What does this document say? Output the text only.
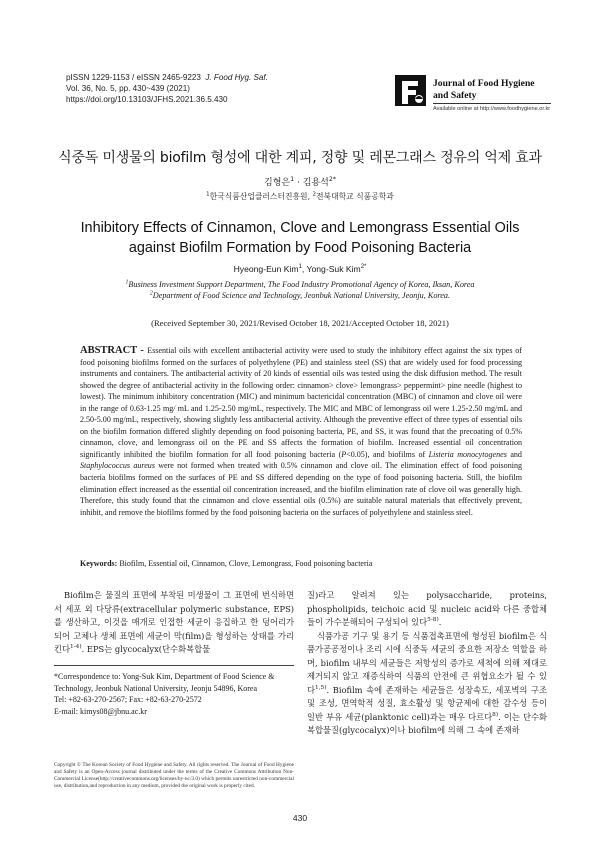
pISSN 1229-1153 / eISSN 2465-9223 J. Food Hyg. Saf.
Vol. 36, No. 5, pp. 430~439 (2021)
https://doi.org/10.13103/JFHS.2021.36.5.430
Journal of Food Hygiene
and Safety
Available online at http://www.foodhygiene.or.kr
식중독 미생물의 biofilm 형성에 대한 계피, 정향 및 레몬그래스 정유의 억제 효과
김형은$^1$ · 김용석$^{2*}$
$^1$한국식품산업클러스터진흥원, $^2$전북대학교 식품공학과
Inhibitory Effects of Cinnamon, Clove and Lemongrass Essential Oils
against Biofilm Formation by Food Poisoning Bacteria
Hyeong-Eun Kim$^1$, Yong-Suk Kim$^{2*}$
$^1$Business Investment Support Department, The Food Industry Promotional Agency of Korea, Iksan, Korea
$^2$Department of Food Science and Technology, Jeonbuk National University, Jeonju, Korea.
(Received September 30, 2021/Revised October 18, 2021/Accepted October 18, 2021)
ABSTRACT - Essential oils with excellent antibacterial activity were used to study the inhibitory effect against the six types of food poisoning biofilms formed on the surfaces of polyethylene (PE) and stainless steel (SS) that are widely used for food processing instruments and containers. The antibacterial activity of 20 kinds of essential oils was tested using the disk diffusion method. The result showed the degree of antibacterial activity in the following order: cinnamon> clove> lemongrass> peppermint> pine needle (highest to lowest). The minimum inhibitory concentration (MIC) and minimum bactericidal concentration (MBC) of cinnamon and clove oil were in the range of 0.63-1.25 mg/ mL and 1.25-2.50 mg/mL, respectively. The MIC and MBC of lemongrass oil were 1.25-2.50 mg/mL and 2.50-5.00 mg/mL, respectively, showing slightly less antibacterial activity. Although the preventive effect of three types of essential oils on the biofilm formation differed slightly depending on food poisoning bacteria, PE, and SS, it was found that the precoating of 0.5% cinnamon, clove, and lemongrass oil on the PE and SS affects the formation of biofilm. Increased essential oil concentration significantly inhibited the biofilm formation for all food poisoning bacteria (P<0.05), and biofilms of Listeria monocytogenes and Staphylococcus aureus were not formed when treated with 0.5% cinnamon and clove oil. The elimination effect of food poisoning bacteria biofilms formed on the surfaces of PE and SS differed depending on the type of food poisoning bacteria. Still, the biofilm elimination effect increased as the essential oil concentration increased, and the biofilm elimination rate of clove oil was generally high. Therefore, this study found that the cinnamon and clove essential oils (0.5%) are suitable natural materials that effectively prevent, inhibit, and remove the biofilms formed by the food poisoning bacteria on the surfaces of polyethylene and stainless steel.
Keywords: Biofilm, Essential oil, Cinnamon, Clove, Lemongrass, Food poisoning bacteria
Biofilm은 물질의 표면에 부착된 미생물이 그 표면에 번식하면서 세포 외 다당류(extracellular polymeric substance, EPS)를 생산하고, 이것을 매개로 인접한 세균이 응집하고 한 덩어리가 되어 고체나 생체 표면에 세균이 막(film)을 형성하는 상태를 가리킨다$^{1-4)}$. EPS는 glycocalyx(단수화복합물
*Correspondence to: Yong-Suk Kim, Department of Food Science & Technology, Jeonbuk National University, Jeonju 54896, Korea
Tel: +82-63-270-2567; Fax: +82-63-270-2572
E-mail: kimys08@jbnu.ac.kr
Copyright © The Korean Society of Food Hygiene and Safety. All rights reserved. The Journal of Food Hygiene and Safety is an Open-Access journal distributed under the terms of the Creative Commons Attribution Non-Commercial License(http://creativecommons.org/licenses/by-nc/3.0) which permits unrestricted non-commercial use, distribution,and reproduction in any medium, provided the original work is properly cited.

질)라고 알려져 있는 polysaccharide, proteins, phospholipids, teichoic acid 및 nucleic acid와 다른 중합체들이 가수분해되어 구성되어 있다$^{5-8)}$.

식품가공 기구 및 용기 등 식품접촉표면에 형성된 biofilm은 식품가공공정이나 조리 시에 식중독 세균의 중요한 저장소 역할을 하며, biofilm 내부의 세균들은 저항성의 증가로 세척에 의해 제대로 제거되지 않고 재증식하여 식품의 안전에 큰 위협요소가 될 수 있다$^{1,5)}$. Biofilm 속에 존재하는 세균들은 성장속도, 세포벽의 구조 및 조성, 면역학적 성질, 효소활성 및 항균제에 대한 감수성 등이 일반 부유 세균(planktonic cell)과는 매우 다르다$^{8)}$. 이는 단수화 복합물질(glycocalyx)이나 biofilm에 의해 그 속에 존재하

430
